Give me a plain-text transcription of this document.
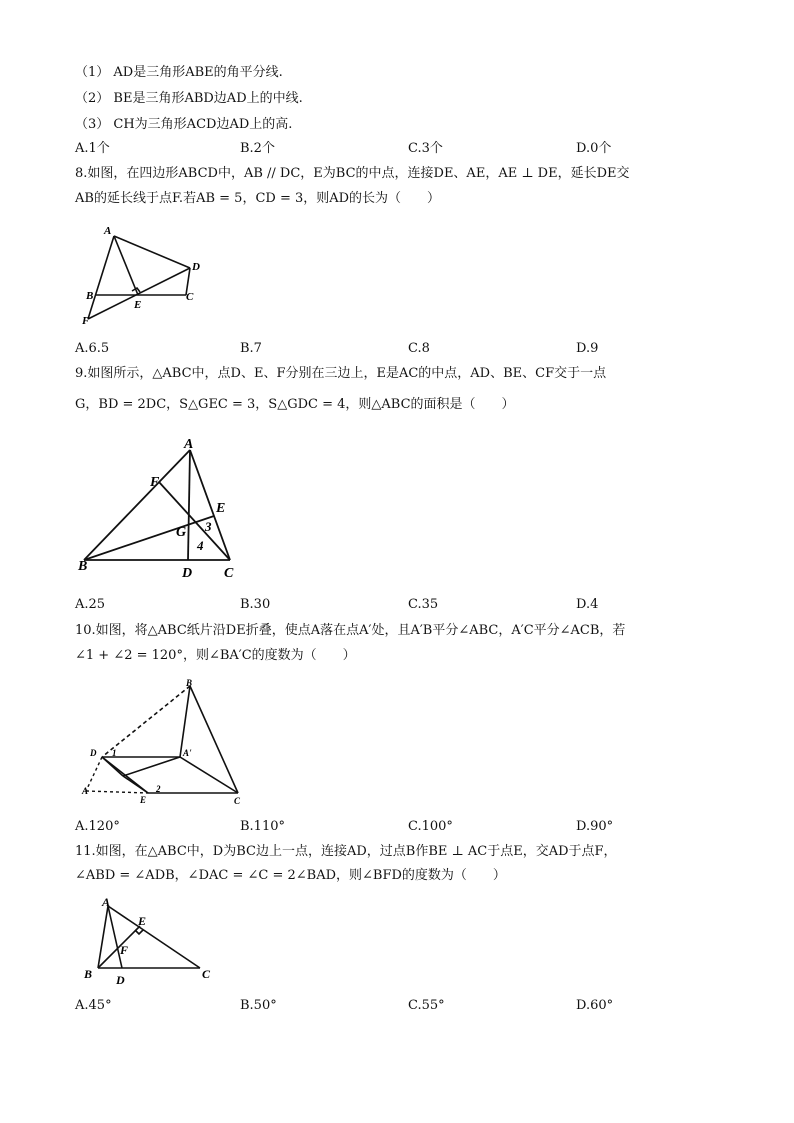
（1） AD是三角形ABE的角平分线.
（2） BE是三角形ABD边AD上的中线.
（3） CH为三角形ACD边AD上的高.
A.1个	B.2个	C.3个	D.0个
8.如图，在四边形ABCD中，AB // DC，E为BC的中点，连接DE、AE，AE ⊥ DE，延长DE交
AB的延长线于点F.若AB = 5，CD = 3，则AD的长为（　　）
A
D
B
E
C
F
A.6.5	B.7	C.8	D.9
9.如图所示，△ABC中，点D、E、F分别在三边上，E是AC的中点，AD、BE、CF交于一点
G，BD = 2DC，S△GEC = 3，S△GDC = 4，则△ABC的面积是（　　）
A
F
E
G 3
4
B	D C
A.25	B.30	C.35	D.4
10.如图，将△ABC纸片沿DE折叠，使点A落在点A′处，且A′B平分∠ABC，A′C平分∠ACB，若
∠1 + ∠2 = 120°，则∠BA′C的度数为（　　）
B
D 1	A'
A
E
2
C
A.120°	B.110°	C.100°	D.90°
11.如图，在△ABC中，D为BC边上一点，连接AD，过点B作BE ⊥ AC于点E，交AD于点F，
∠ABD = ∠ADB，∠DAC = ∠C = 2∠BAD，则∠BFD的度数为（　　）
A
E
F
B D	C
A.45°	B.50°	C.55°	D.60°
